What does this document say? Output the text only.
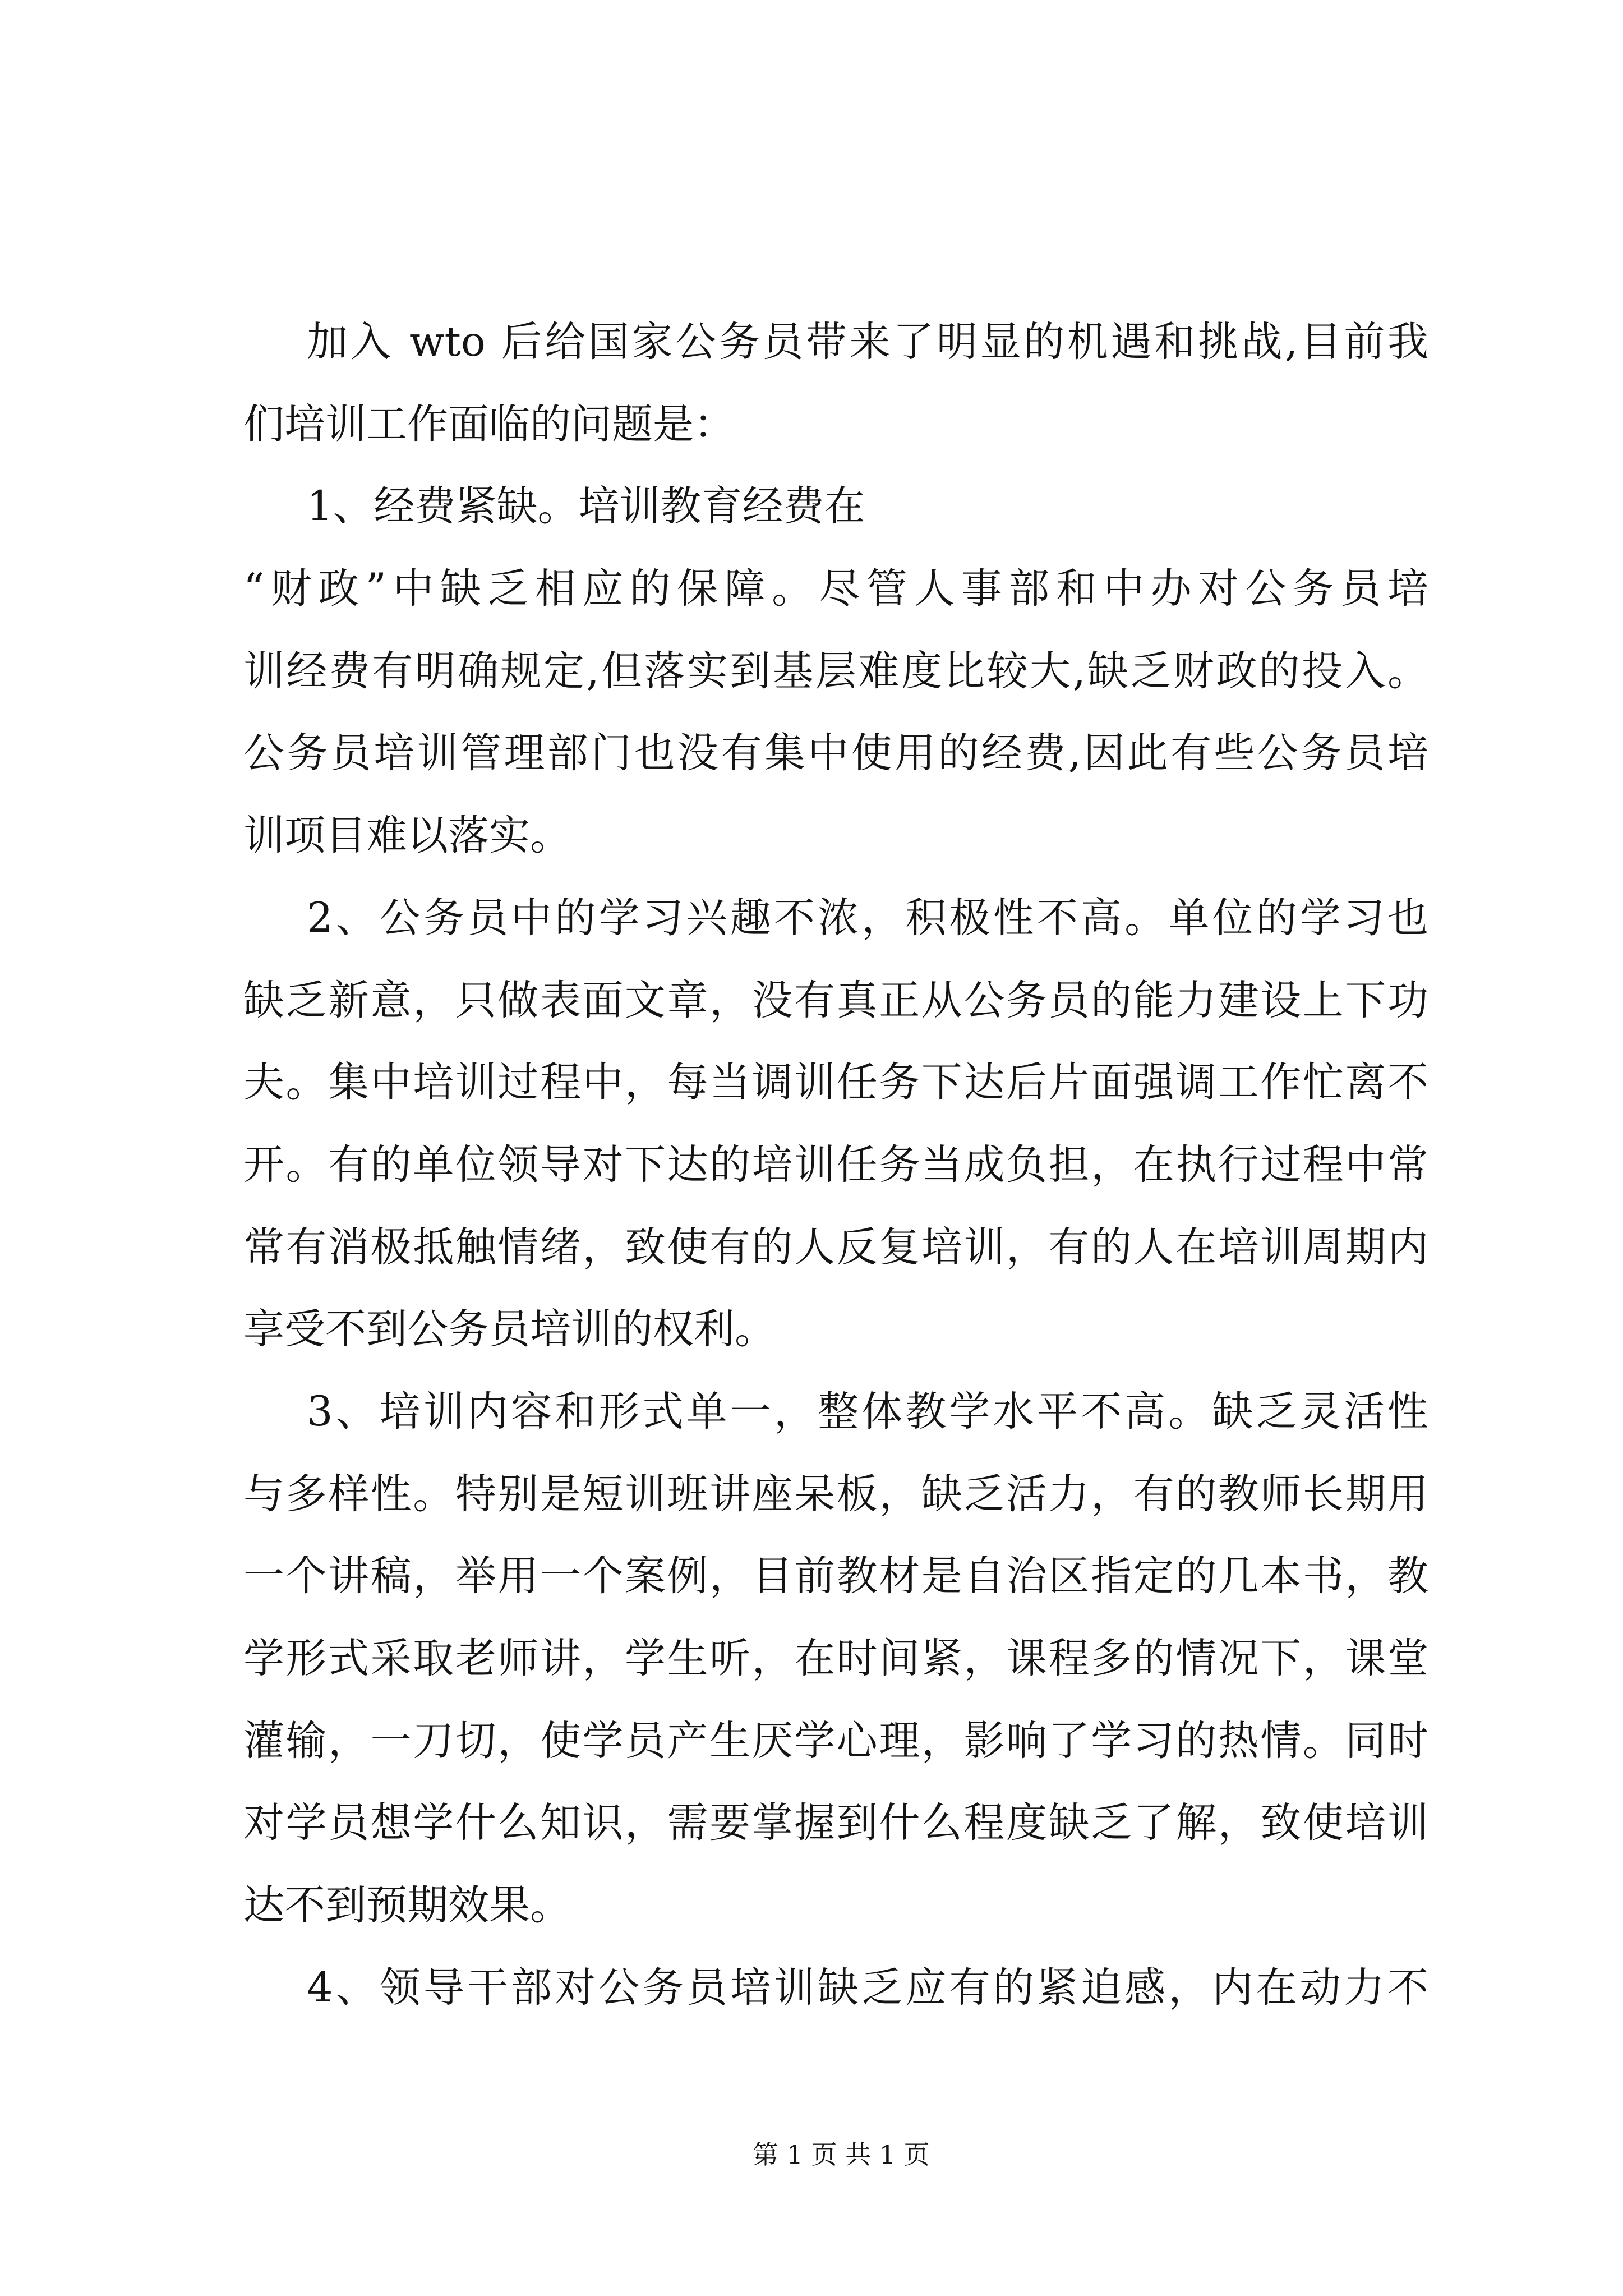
加入 wto 后给国家公务员带来了明显的机遇和挑战,目前我
们培训工作面临的问题是：
1、经费紧缺。培训教育经费在
“财政”中缺乏相应的保障。尽管人事部和中办对公务员培
训经费有明确规定,但落实到基层难度比较大,缺乏财政的投入。
公务员培训管理部门也没有集中使用的经费,因此有些公务员培
训项目难以落实。
2、公务员中的学习兴趣不浓，积极性不高。单位的学习也
缺乏新意，只做表面文章，没有真正从公务员的能力建设上下功
夫。集中培训过程中，每当调训任务下达后片面强调工作忙离不
开。有的单位领导对下达的培训任务当成负担，在执行过程中常
常有消极抵触情绪，致使有的人反复培训，有的人在培训周期内
享受不到公务员培训的权利。
3、培训内容和形式单一，整体教学水平不高。缺乏灵活性
与多样性。特别是短训班讲座呆板，缺乏活力，有的教师长期用
一个讲稿，举用一个案例，目前教材是自治区指定的几本书，教
学形式采取老师讲，学生听，在时间紧，课程多的情况下，课堂
灌输，一刀切，使学员产生厌学心理，影响了学习的热情。同时
对学员想学什么知识，需要掌握到什么程度缺乏了解，致使培训
达不到预期效果。
4、领导干部对公务员培训缺乏应有的紧迫感，内在动力不
第 1 页 共 1 页
